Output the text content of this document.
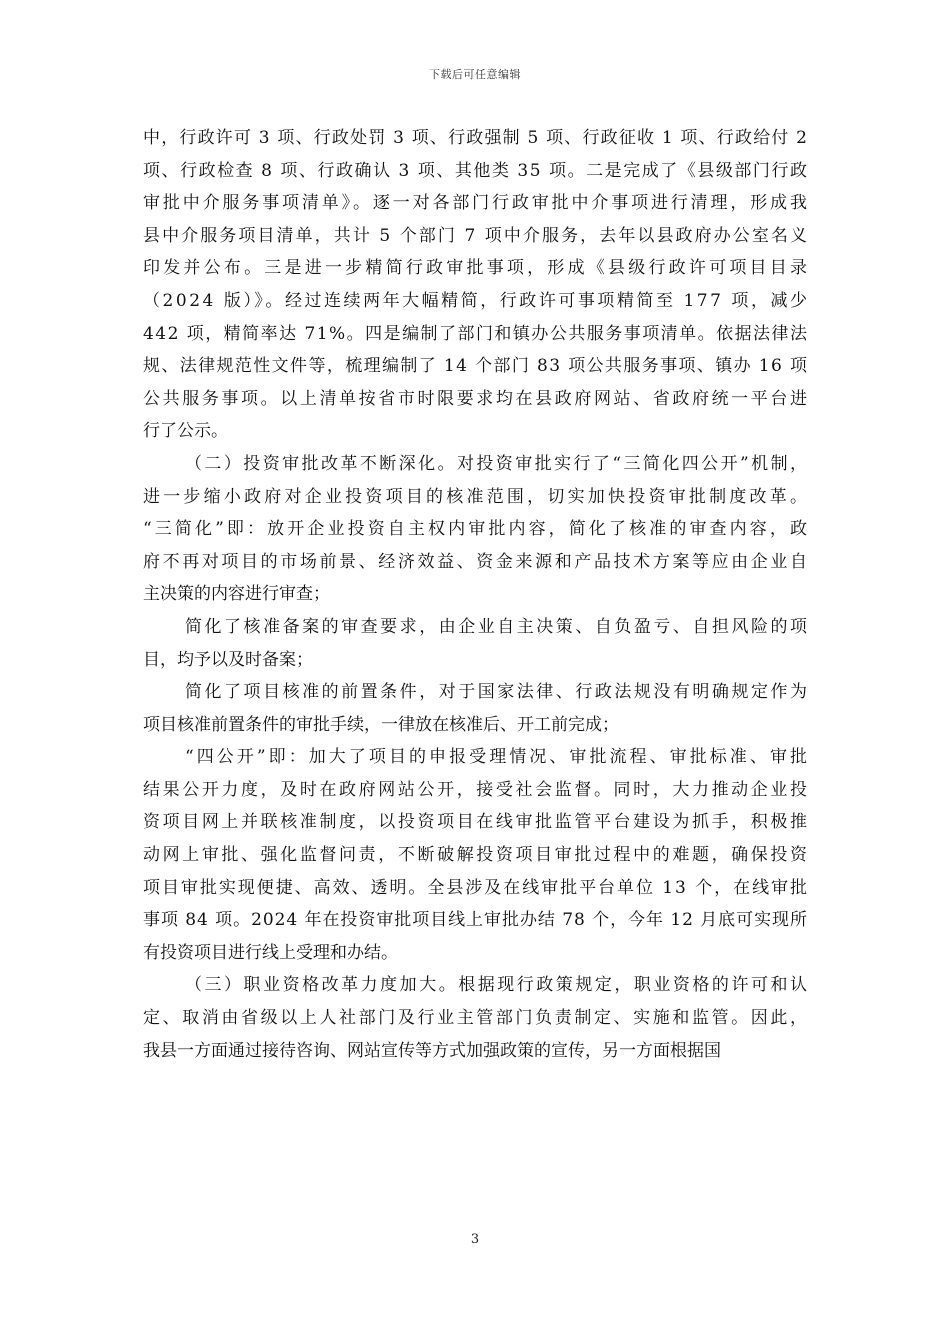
下载后可任意编辑

中，行政许可 3 项、行政处罚 3 项、行政强制 5 项、行政征收 1 项、行政给付 2
项、行政检查 8 项、行政确认 3 项、其他类 35 项。二是完成了《县级部门行政
审批中介服务事项清单》。逐一对各部门行政审批中介事项进行清理，形成我
县中介服务项目清单，共计 5 个部门 7 项中介服务，去年以县政府办公室名义
印发并公布。三是进一步精简行政审批事项，形成《县级行政许可项目目录
（2024 版）》。经过连续两年大幅精简，行政许可事项精简至 177 项，减少
442 项，精简率达 71%。四是编制了部门和镇办公共服务事项清单。依据法律法
规、法律规范性文件等，梳理编制了 14 个部门 83 项公共服务事项、镇办 16 项
公共服务事项。以上清单按省市时限要求均在县政府网站、省政府统一平台进
行了公示。

（二）投资审批改革不断深化。对投资审批实行了“三简化四公开”机制，
进一步缩小政府对企业投资项目的核准范围，切实加快投资审批制度改革。
“三简化”即：放开企业投资自主权内审批内容，简化了核准的审查内容，政
府不再对项目的市场前景、经济效益、资金来源和产品技术方案等应由企业自
主决策的内容进行审查；

简化了核准备案的审查要求，由企业自主决策、自负盈亏、自担风险的项
目，均予以及时备案；

简化了项目核准的前置条件，对于国家法律、行政法规没有明确规定作为
项目核准前置条件的审批手续，一律放在核准后、开工前完成；

“四公开”即：加大了项目的申报受理情况、审批流程、审批标准、审批
结果公开力度，及时在政府网站公开，接受社会监督。同时，大力推动企业投
资项目网上并联核准制度，以投资项目在线审批监管平台建设为抓手，积极推
动网上审批、强化监督问责，不断破解投资项目审批过程中的难题，确保投资
项目审批实现便捷、高效、透明。全县涉及在线审批平台单位 13 个，在线审批
事项 84 项。2024 年在投资审批项目线上审批办结 78 个，今年 12 月底可实现所
有投资项目进行线上受理和办结。

（三）职业资格改革力度加大。根据现行政策规定，职业资格的许可和认
定、取消由省级以上人社部门及行业主管部门负责制定、实施和监管。因此，
我县一方面通过接待咨询、网站宣传等方式加强政策的宣传，另一方面根据国

3
